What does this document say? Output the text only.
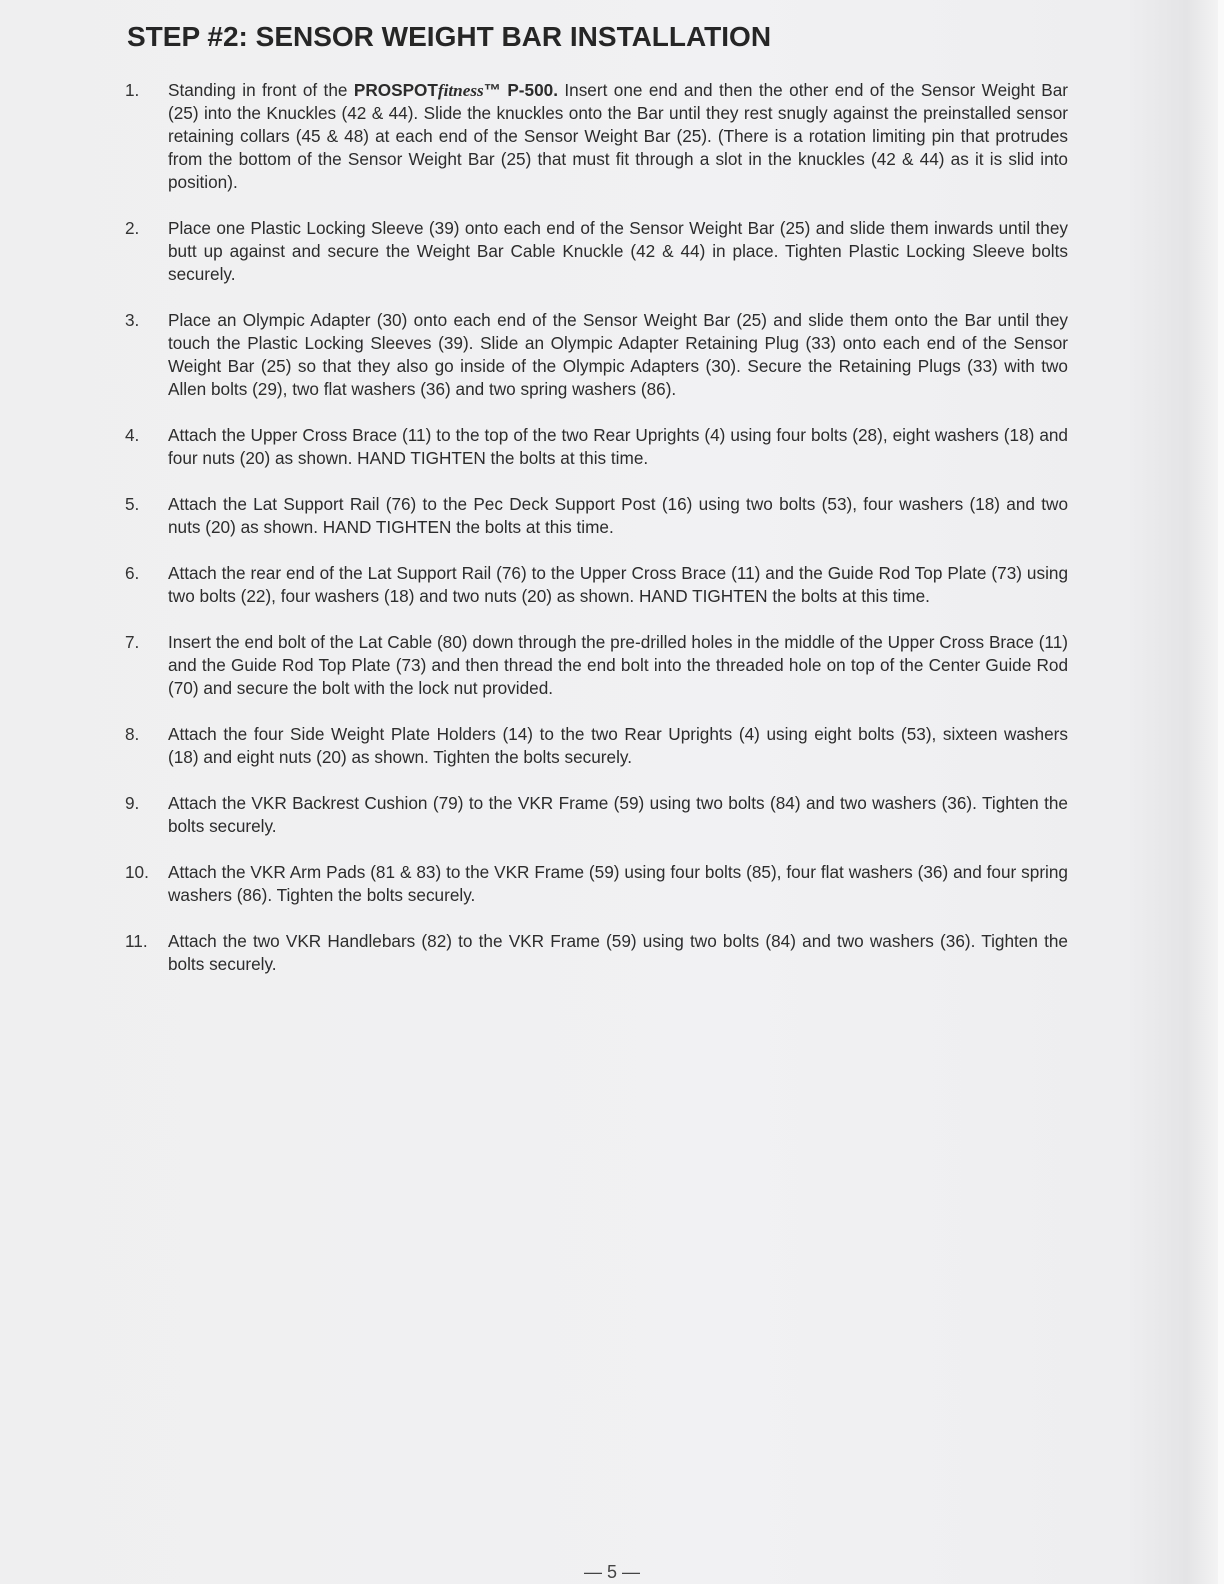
STEP #2: SENSOR WEIGHT BAR INSTALLATION
1. Standing in front of the PROSPOTfitness™ P-500. Insert one end and then the other end of the Sensor Weight Bar (25) into the Knuckles (42 & 44). Slide the knuckles onto the Bar until they rest snugly against the preinstalled sensor retaining collars (45 & 48) at each end of the Sensor Weight Bar (25). (There is a rotation limiting pin that protrudes from the bottom of the Sensor Weight Bar (25) that must fit through a slot in the knuckles (42 & 44) as it is slid into position).
2. Place one Plastic Locking Sleeve (39) onto each end of the Sensor Weight Bar (25) and slide them inwards until they butt up against and secure the Weight Bar Cable Knuckle (42 & 44) in place. Tighten Plastic Locking Sleeve bolts securely.
3. Place an Olympic Adapter (30) onto each end of the Sensor Weight Bar (25) and slide them onto the Bar until they touch the Plastic Locking Sleeves (39). Slide an Olympic Adapter Retaining Plug (33) onto each end of the Sensor Weight Bar (25) so that they also go inside of the Olympic Adapters (30). Secure the Retaining Plugs (33) with two Allen bolts (29), two flat washers (36) and two spring washers (86).
4. Attach the Upper Cross Brace (11) to the top of the two Rear Uprights (4) using four bolts (28), eight washers (18) and four nuts (20) as shown. HAND TIGHTEN the bolts at this time.
5. Attach the Lat Support Rail (76) to the Pec Deck Support Post (16) using two bolts (53), four washers (18) and two nuts (20) as shown. HAND TIGHTEN the bolts at this time.
6. Attach the rear end of the Lat Support Rail (76) to the Upper Cross Brace (11) and the Guide Rod Top Plate (73) using two bolts (22), four washers (18) and two nuts (20) as shown. HAND TIGHTEN the bolts at this time.
7. Insert the end bolt of the Lat Cable (80) down through the pre-drilled holes in the middle of the Upper Cross Brace (11) and the Guide Rod Top Plate (73) and then thread the end bolt into the threaded hole on top of the Center Guide Rod (70) and secure the bolt with the lock nut provided.
8. Attach the four Side Weight Plate Holders (14) to the two Rear Uprights (4) using eight bolts (53), sixteen washers (18) and eight nuts (20) as shown. Tighten the bolts securely.
9. Attach the VKR Backrest Cushion (79) to the VKR Frame (59) using two bolts (84) and two washers (36). Tighten the bolts securely.
10. Attach the VKR Arm Pads (81 & 83) to the VKR Frame (59) using four bolts (85), four flat washers (36) and four spring washers (86). Tighten the bolts securely.
11. Attach the two VKR Handlebars (82) to the VKR Frame (59) using two bolts (84) and two washers (36). Tighten the bolts securely.
— 5 —
